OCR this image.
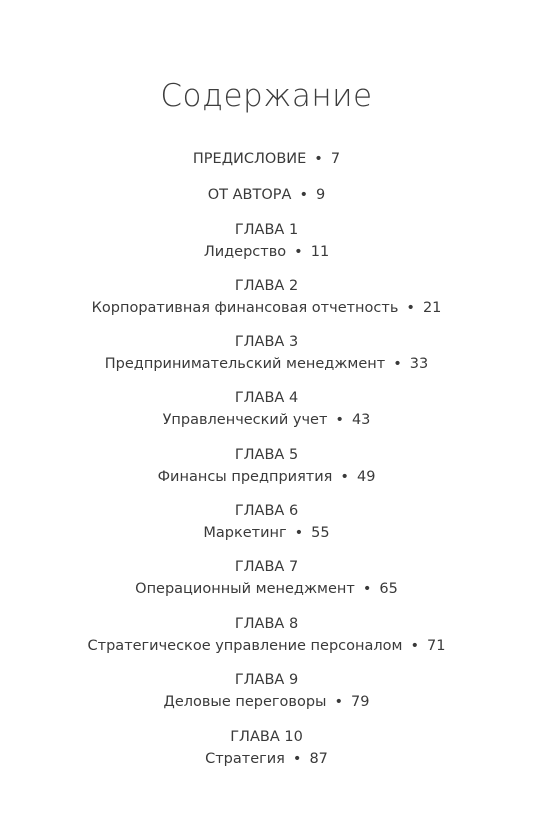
Содержание
ПРЕДИСЛОВИЕ • 7
ОТ АВТОРА • 9
ГЛАВА 1
Лидерство • 11
ГЛАВА 2
Корпоративная финансовая отчетность • 21
ГЛАВА 3
Предпринимательский менеджмент • 33
ГЛАВА 4
Управленческий учет • 43
ГЛАВА 5
Финансы предприятия • 49
ГЛАВА 6
Маркетинг • 55
ГЛАВА 7
Операционный менеджмент • 65
ГЛАВА 8
Стратегическое управление персоналом • 71
ГЛАВА 9
Деловые переговоры • 79
ГЛАВА 10
Стратегия • 87
